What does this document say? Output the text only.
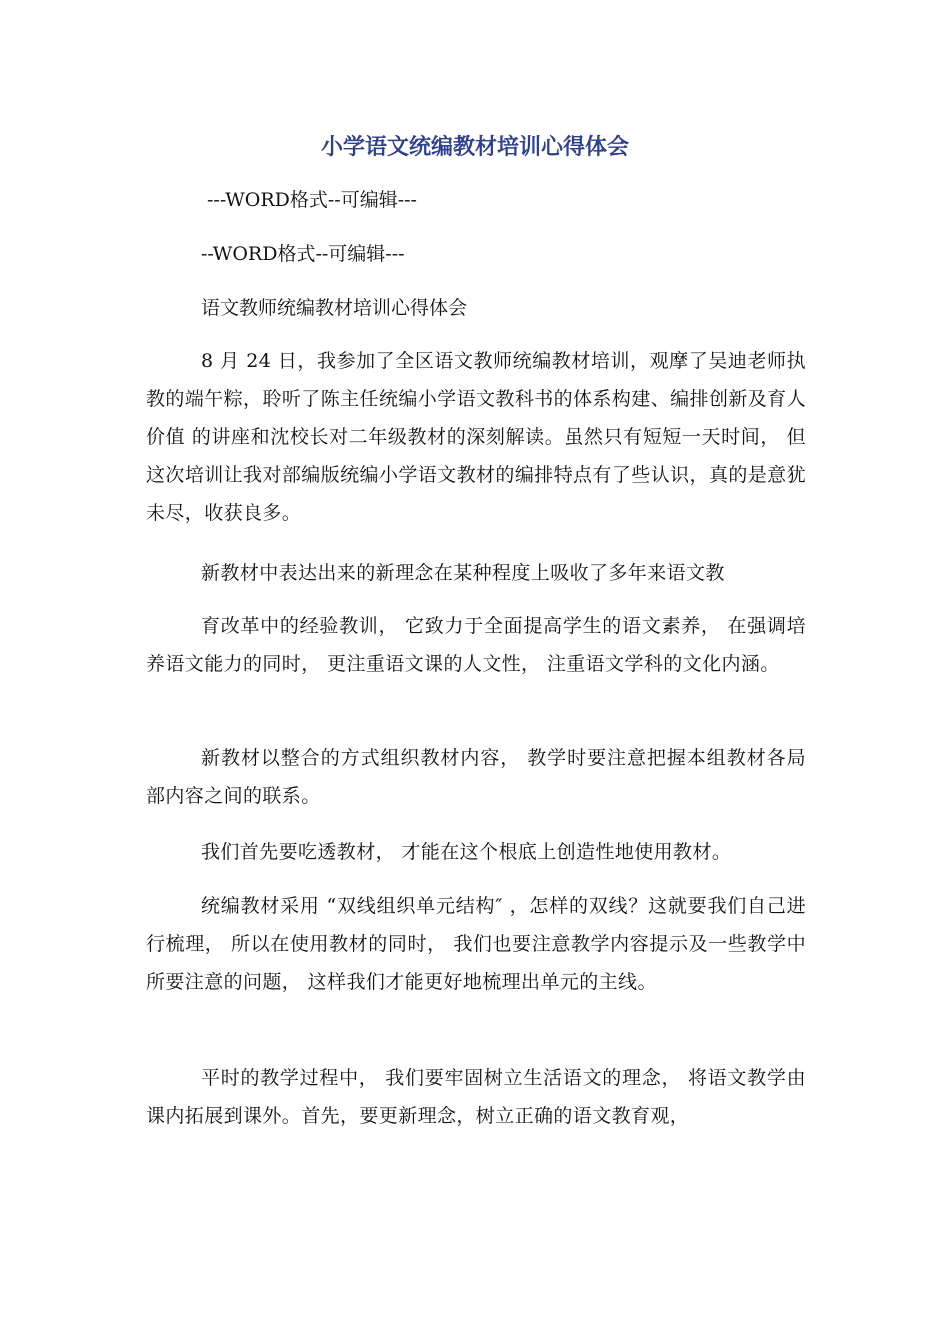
小学语文统编教材培训心得体会
---WORD格式--可编辑---
--WORD格式--可编辑---
语文教师统编教材培训心得体会
8 月 24 日，我参加了全区语文教师统编教材培训，观摩了吴迪老师执教的端午粽，聆听了陈主任统编小学语文教科书的体系构建、编排创新及育人价值 的讲座和沈校长对二年级教材的深刻解读。虽然只有短短一天时间， 但这次培训让我对部编版统编小学语文教材的编排特点有了些认识，真的是意犹未尽，收获良多。
新教材中表达出来的新理念在某种程度上吸收了多年来语文教
育改革中的经验教训， 它致力于全面提高学生的语文素养， 在强调培养语文能力的同时， 更注重语文课的人文性， 注重语文学科的文化内涵。
新教材以整合的方式组织教材内容， 教学时要注意把握本组教材各局部内容之间的联系。
我们首先要吃透教材， 才能在这个根底上创造性地使用教材。
统编教材采用 “双线组织单元结构″ ，怎样的双线？这就要我们自己进行梳理， 所以在使用教材的同时， 我们也要注意教学内容提示及一些教学中所要注意的问题， 这样我们才能更好地梳理出单元的主线。
平时的教学过程中， 我们要牢固树立生活语文的理念， 将语文教学由课内拓展到课外。首先，要更新理念，树立正确的语文教育观，
